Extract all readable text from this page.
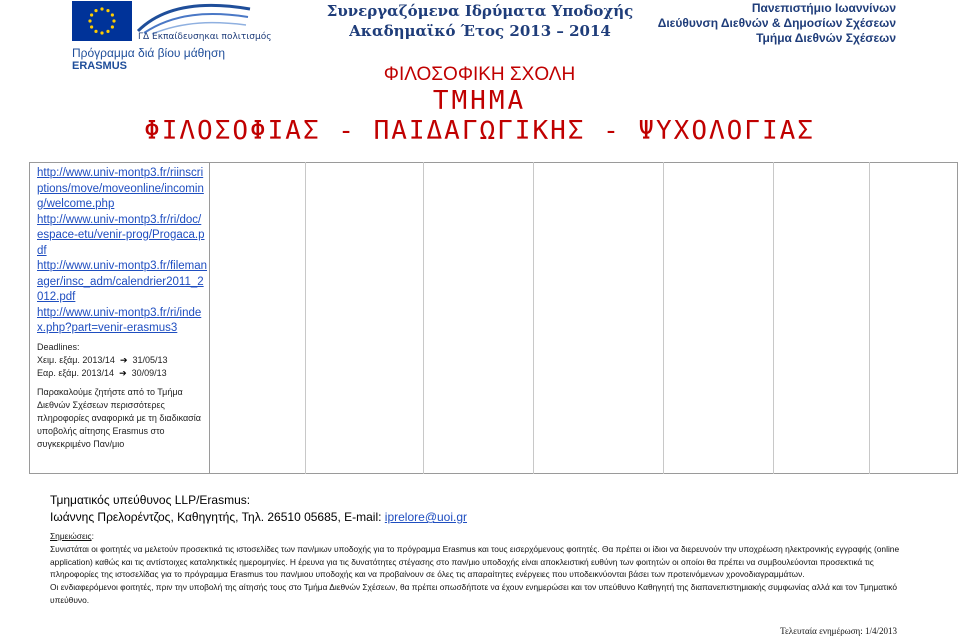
ΓΔ Εκπαίδευσηκαι πολιτισμός
Πρόγραμμα διά βίου μάθηση
ERASMUS
Συνεργαζόμενα Ιδρύματα Υποδοχής
Ακαδημαϊκό Έτος 2013 – 2014
Πανεπιστήμιο Ιωαννίνων
Διεύθυνση Διεθνών & Δημοσίων Σχέσεων
Τμήμα Διεθνών Σχέσεων
ΦΙΛΟΣΟΦΙΚΗ ΣΧΟΛΗ
ΤΜΗΜΑ
ΦΙΛΟΣΟΦΙΑΣ - ΠΑΙΔΑΓΩΓΙΚΗΣ - ΨΥΧΟΛΟΓΙΑΣ
http://www.univ-montp3.fr/riinscriptions/move/moveonline/incoming/welcome.php
http://www.univ-montp3.fr/ri/doc/espace-etu/venir-prog/Progaca.pdf
http://www.univ-montp3.fr/filemanager/insc_adm/calendrier2011_2012.pdf
http://www.univ-montp3.fr/ri/index.php?part=venir-erasmus3
Deadlines:
Χειμ. εξάμ. 2013/14  ➔  31/05/13
Εαρ. εξάμ. 2013/14  ➔  30/09/13
Παρακαλούμε ζητήστε από το Τμήμα Διεθνών Σχέσεων περισσότερες πληροφορίες αναφορικά με τη διαδικασία υποβολής αίτησης Erasmus στο συγκεκριμένο Παν/μιο
Τμηματικός υπεύθυνος LLP/Erasmus:
Ιωάννης Πρελορέντζος, Καθηγητής, Τηλ. 26510 05685, E-mail: iprelore@uoi.gr
Σημειώσεις:
Συνιστάται οι φοιτητές να μελετούν προσεκτικά τις ιστοσελίδες των παν/μιων υποδοχής για το πρόγραμμα Erasmus και τους εισερχόμενους φοιτητές. Θα πρέπει οι ίδιοι να διερευνούν την υποχρέωση ηλεκτρονικής εγγραφής (online application) καθώς και τις αντίστοιχες καταληκτικές ημερομηνίες. Η έρευνα για τις δυνατότητες στέγασης στο παν/μιο υποδοχής είναι αποκλειστική ευθύνη των φοιτητών οι οποίοι θα πρέπει να συμβουλεύονται προσεκτικά τις πληροφορίες της ιστοσελίδας για το πρόγραμμα Erasmus του παν/μιου υποδοχής και να προβαίνουν σε όλες τις απαραίτητες ενέργειες που υποδεικνύονται βάσει των προτεινόμενων χρονοδιαγραμμάτων.
Οι ενδιαφερόμενοι φοιτητές, πριν την υποβολή της αίτησής τους στο Τμήμα Διεθνών Σχέσεων, θα πρέπει οπωσδήποτε να έχουν ενημερώσει και τον υπεύθυνο Καθηγητή της διαπανεπιστημιακής συμφωνίας αλλά και τον Τμηματικό υπεύθυνο.
Τελευταία ενημέρωση: 1/4/2013
